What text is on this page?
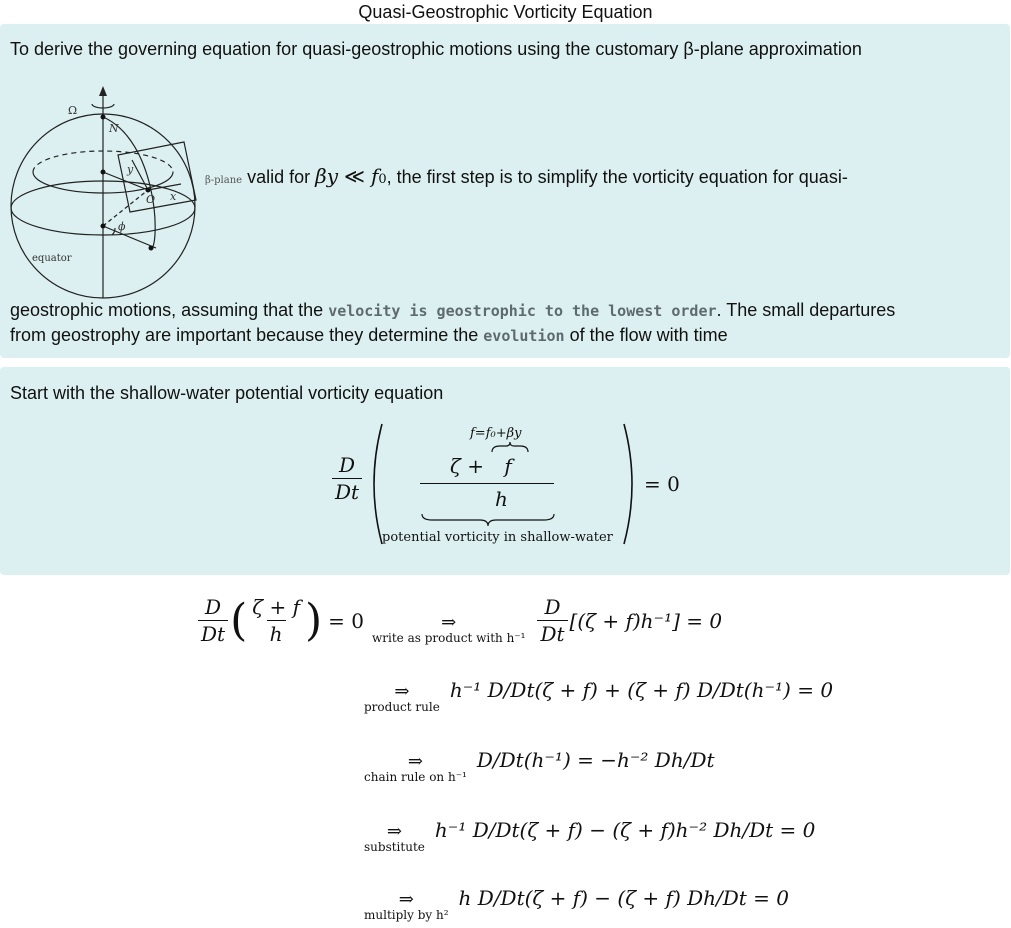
Quasi-Geostrophic Vorticity Equation
To derive the governing equation for quasi-geostrophic motions using the customary β-plane approximation
Ω
N
y
O x
ϕ
equator
β-plane valid for βy ≪ f 0 , the first step is to simplify the vorticity equation for quasi-
geostrophic motions, assuming that the velocity is geostrophic to the lowest order. The small departures
from geostrophy are important because they determine the evolution of the flow with time
Start with the shallow-water potential vorticity equation
$\frac{D}{Dt}$
f=f₀+βy
ζ + f
h
potential vorticity in shallow-water
= 0
$\frac{D}{Dt}$ ( $\frac{\zeta + f}{h}$ ) = 0	⇒
write as product with $h^{-1} \frac{D}{Dt} [(\zeta + f)h^{-1}] = 0$
⇒
product rule
h⁻¹ D/Dt(ζ + f) + (ζ + f) D/Dt(h⁻¹) = 0
⇒
chain rule on h⁻¹
D/Dt(h⁻¹) = −h⁻² Dh/Dt
⇒
substitute
h⁻¹ D/Dt(ζ + f) − (ζ + f)h⁻² Dh/Dt = 0
⇒
multiply by h²
h D/Dt(ζ + f) − (ζ + f) Dh/Dt = 0
